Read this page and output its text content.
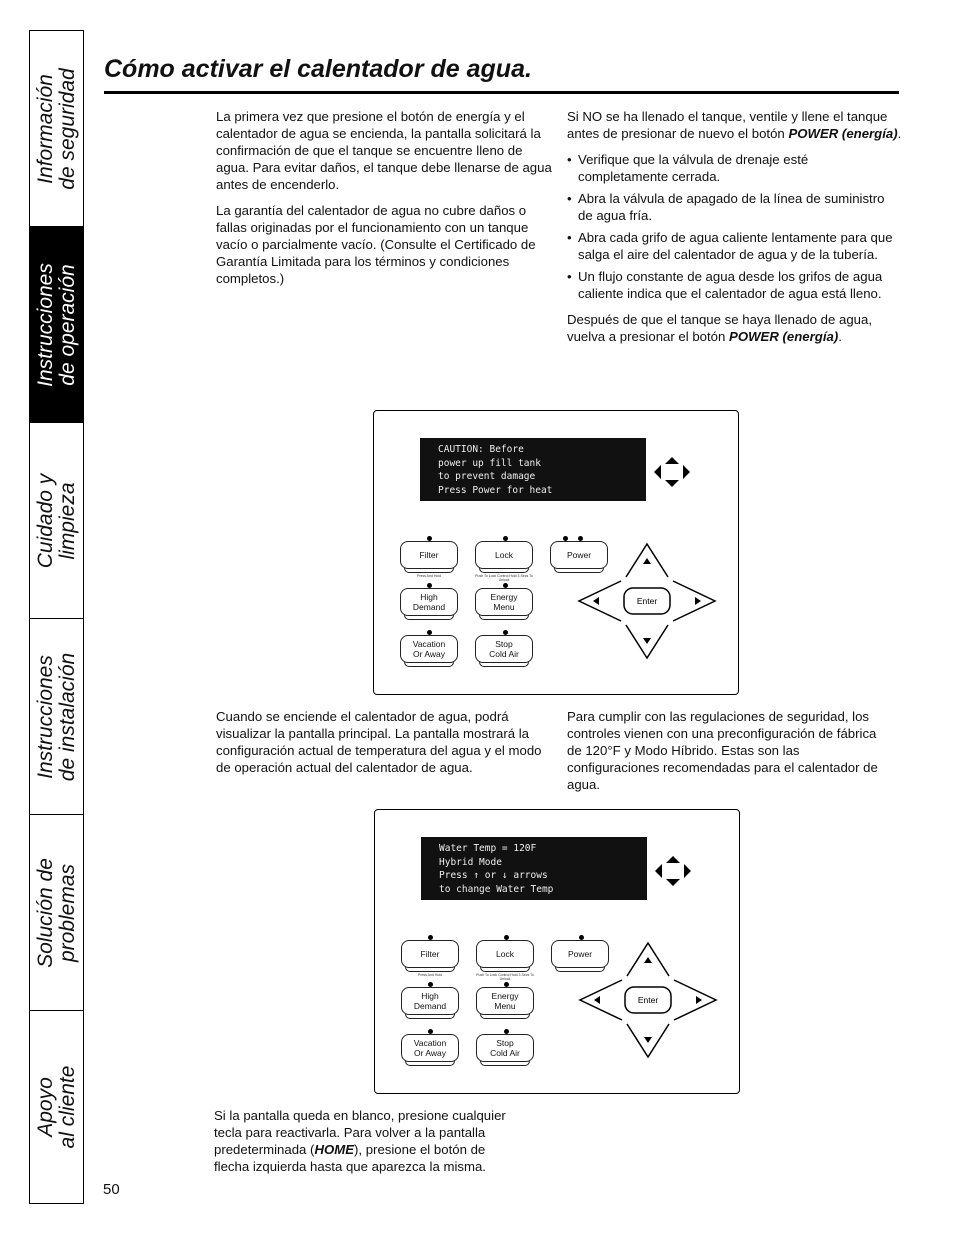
Información de seguridad
Instrucciones de operación
Cuidado y limpieza
Instrucciones de instalación
Solución de problemas
Apoyo al cliente
Cómo activar el calentador de agua.

La primera vez que presione el botón de energía y el calentador de agua se encienda, la pantalla solicitará la confirmación de que el tanque se encuentre lleno de agua. Para evitar daños, el tanque debe llenarse de agua antes de encenderlo.

La garantía del calentador de agua no cubre daños o fallas originadas por el funcionamiento con un tanque vacío o parcialmente vacío. (Consulte el Certificado de Garantía Limitada para los términos y condiciones completos.)

Si NO se ha llenado el tanque, ventile y llene el tanque antes de presionar de nuevo el botón POWER (energía).

• Verifique que la válvula de drenaje esté completamente cerrada.
• Abra la válvula de apagado de la línea de suministro de agua fría.
• Abra cada grifo de agua caliente lentamente para que salga el aire del calentador de agua y de la tubería.
• Un flujo constante de agua desde los grifos de agua caliente indica que el calentador de agua está lleno.

Después de que el tanque se haya llenado de agua, vuelva a presionar el botón POWER (energía).

CAUTION: Before
power up fill tank
to prevent damage
Press Power for heat
Filter
Press And Hold
Lock
Push To Lock Control Hold 3 Secs To Unlock
Power
High
Demand
Energy
Menu
Vacation
Or Away
Stop
Cold Air
Enter

Cuando se enciende el calentador de agua, podrá visualizar la pantalla principal. La pantalla mostrará la configuración actual de temperatura del agua y el modo de operación actual del calentador de agua.

Para cumplir con las regulaciones de seguridad, los controles vienen con una preconfiguración de fábrica de 120°F y Modo Híbrido. Estas son las configuraciones recomendadas para el calentador de agua.

Water Temp = 120F
Hybrid Mode
Press ↑ or ↓ arrows
to change Water Temp
Filter
Press And Hold
Lock
Push To Lock Control Hold 3 Secs To Unlock
Power
High
Demand
Energy
Menu
Vacation
Or Away
Stop
Cold Air
Enter

Si la pantalla queda en blanco, presione cualquier tecla para reactivarla. Para volver a la pantalla predeterminada (HOME), presione el botón de flecha izquierda hasta que aparezca la misma.

50
